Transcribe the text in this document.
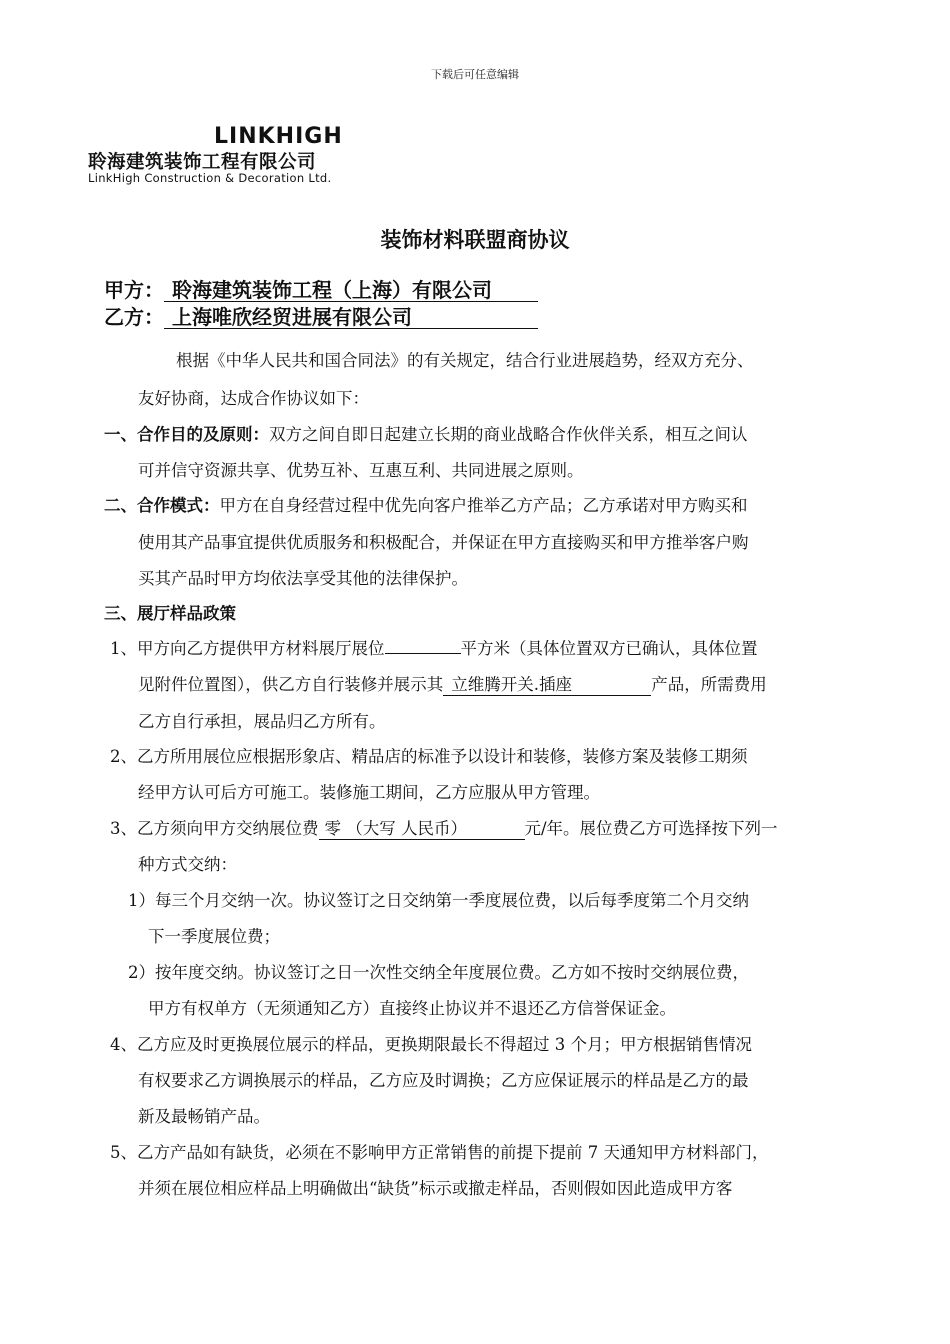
下载后可任意编辑
LINKHIGH
聆海建筑装饰工程有限公司
LinkHigh Construction & Decoration Ltd.
装饰材料联盟商协议
甲方： 聆海建筑装饰工程（上海）有限公司
乙方： 上海唯欣经贸进展有限公司
根据《中华人民共和国合同法》的有关规定，结合行业进展趋势，经双方充分、
友好协商，达成合作协议如下：
一、合作目的及原则：双方之间自即日起建立长期的商业战略合作伙伴关系，相互之间认
可并信守资源共享、优势互补、互惠互利、共同进展之原则。
二、合作模式：甲方在自身经营过程中优先向客户推举乙方产品；乙方承诺对甲方购买和
使用其产品事宜提供优质服务和积极配合，并保证在甲方直接购买和甲方推举客户购
买其产品时甲方均依法享受其他的法律保护。
三、展厅样品政策
1、甲方向乙方提供甲方材料展厅展位	平方米（具体位置双方已确认，具体位置
见附件位置图），供乙方自行装修并展示其 立维腾开关.插座	产品，所需费用
乙方自行承担，展品归乙方所有。
2、乙方所用展位应根据形象店、精品店的标准予以设计和装修，装修方案及装修工期须
经甲方认可后方可施工。装修施工期间，乙方应服从甲方管理。
3、乙方须向甲方交纳展位费 零 （大写 人民币）	元/年。展位费乙方可选择按下列一
种方式交纳：
1）每三个月交纳一次。协议签订之日交纳第一季度展位费，以后每季度第二个月交纳
下一季度展位费；
2）按年度交纳。协议签订之日一次性交纳全年度展位费。乙方如不按时交纳展位费，
甲方有权单方（无须通知乙方）直接终止协议并不退还乙方信誉保证金。
4、乙方应及时更换展位展示的样品，更换期限最长不得超过 3 个月；甲方根据销售情况
有权要求乙方调换展示的样品，乙方应及时调换；乙方应保证展示的样品是乙方的最
新及最畅销产品。
5、乙方产品如有缺货，必须在不影响甲方正常销售的前提下提前 7 天通知甲方材料部门，
并须在展位相应样品上明确做出“缺货”标示或撤走样品，否则假如因此造成甲方客
